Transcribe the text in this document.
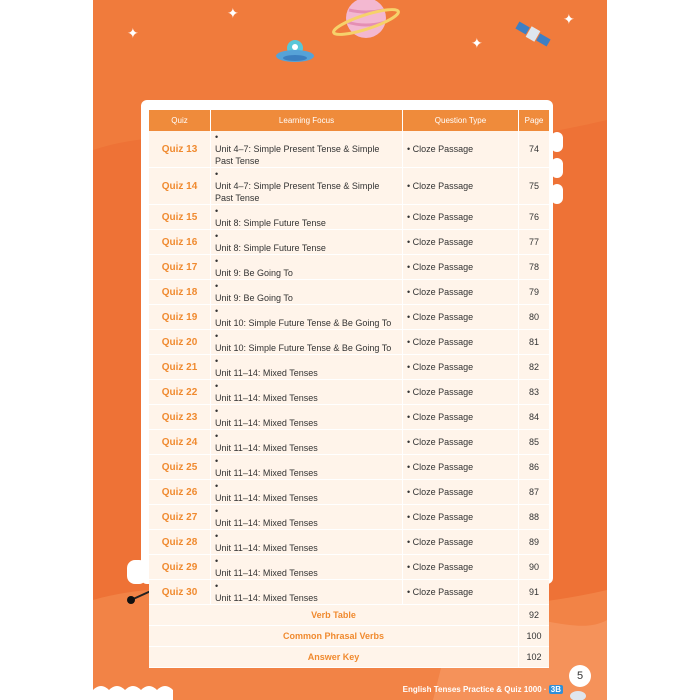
✦
✦
✦
✦
English Tenses Practice & Quiz 1000 · 3B
5
Quiz	Learning Focus	Question Type	Page
Quiz 13	•Unit 4–7: Simple Present Tense & Simple Past Tense	• Cloze Passage	74
Quiz 14	•Unit 4–7: Simple Present Tense & Simple Past Tense	• Cloze Passage	75
Quiz 15	•Unit 8: Simple Future Tense	• Cloze Passage	76
Quiz 16	•Unit 8: Simple Future Tense	• Cloze Passage	77
Quiz 17	•Unit 9: Be Going To	• Cloze Passage	78
Quiz 18	•Unit 9: Be Going To	• Cloze Passage	79
Quiz 19	•Unit 10: Simple Future Tense & Be Going To	• Cloze Passage	80
Quiz 20	•Unit 10: Simple Future Tense & Be Going To	• Cloze Passage	81
Quiz 21	•Unit 11–14: Mixed Tenses	• Cloze Passage	82
Quiz 22	•Unit 11–14: Mixed Tenses	• Cloze Passage	83
Quiz 23	•Unit 11–14: Mixed Tenses	• Cloze Passage	84
Quiz 24	•Unit 11–14: Mixed Tenses	• Cloze Passage	85
Quiz 25	•Unit 11–14: Mixed Tenses	• Cloze Passage	86
Quiz 26	•Unit 11–14: Mixed Tenses	• Cloze Passage	87
Quiz 27	•Unit 11–14: Mixed Tenses	• Cloze Passage	88
Quiz 28	•Unit 11–14: Mixed Tenses	• Cloze Passage	89
Quiz 29	•Unit 11–14: Mixed Tenses	• Cloze Passage	90
Quiz 30	•Unit 11–14: Mixed Tenses	• Cloze Passage	91
Verb Table			92
Common Phrasal Verbs			100
Answer Key			102
